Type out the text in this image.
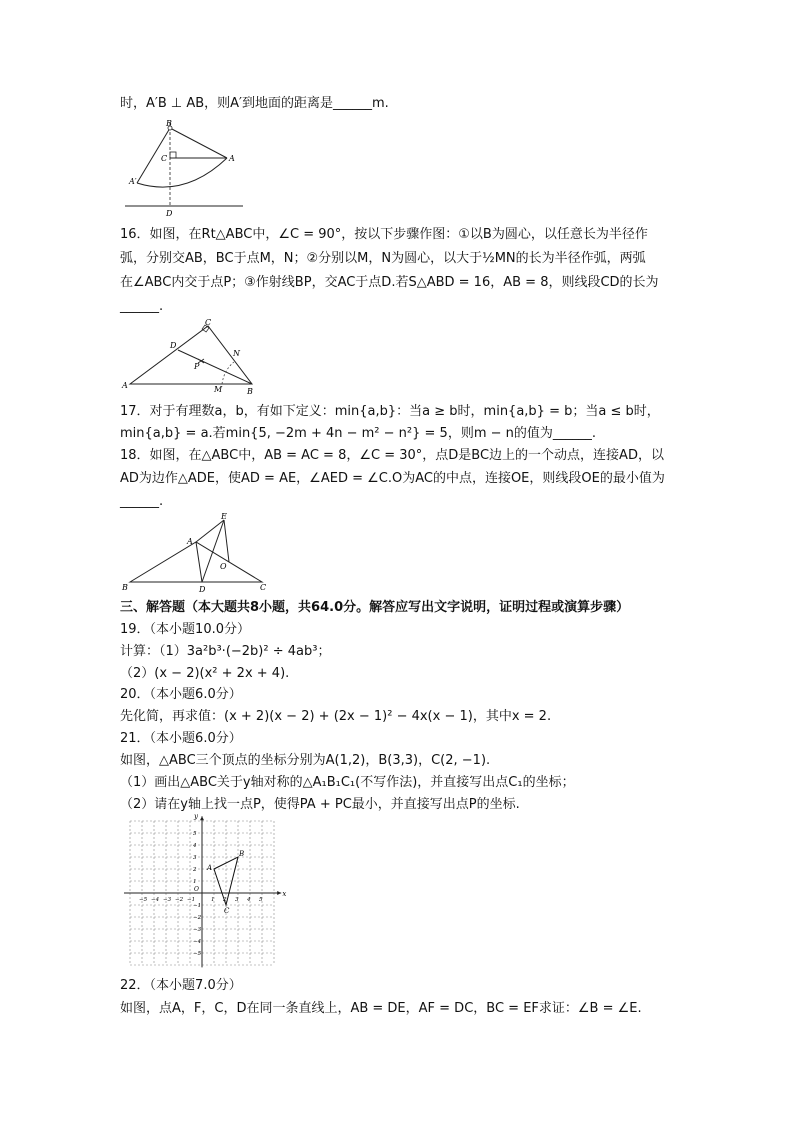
时，A′B ⊥ AB，则A′到地面的距离是______m.
B
C	A
A′
D
16．如图，在Rt△ABC中，∠C = 90°，按以下步骤作图：①以B为圆心，以任意长为半径作
弧，分别交AB，BC于点M，N；②分别以M，N为圆心，以大于½MN的长为半径作弧，两弧
在∠ABC内交于点P；③作射线BP，交AC于点D.若S△ABD = 16，AB = 8，则线段CD的长为
______.
C
D
N
P
A	M	B
17．对于有理数a，b，有如下定义：min{a,b}：当a ≥ b时，min{a,b} = b；当a ≤ b时，
min{a,b} = a.若min{5, −2m + 4n − m² − n²} = 5，则m − n的值为______.
18．如图，在△ABC中，AB = AC = 8，∠C = 30°，点D是BC边上的一个动点，连接AD，以
AD为边作△ADE，使AD = AE，∠AED = ∠C.O为AC的中点，连接OE，则线段OE的最小值为
______.
E
A
O
B	D	C
三、解答题（本大题共8小题，共64.0分。解答应写出文字说明，证明过程或演算步骤）
19．（本小题10.0分）
计算：（1）3a²b³·(−2b)² ÷ 4ab³；
（2）(x − 2)(x² + 2x + 4).
20．（本小题6.0分）
先化简，再求值：(x + 2)(x − 2) + (2x − 1)² − 4x(x − 1)，其中x = 2.
21．（本小题6.0分）
如图，△ABC三个顶点的坐标分别为A(1,2)，B(3,3)，C(2, −1).
（1）画出△ABC关于y轴对称的△A₁B₁C₁(不写作法)，并直接写出点C₁的坐标；
（2）请在y轴上找一点P，使得PA + PC最小，并直接写出点P的坐标.
x
y
O
−5 −4 −3 −2 −1	1 2 3 4 5
5
4
3
2
1
−1
−2
−3
−4
−5
A
B
C
22．（本小题7.0分）
如图，点A，F，C，D在同一条直线上，AB = DE，AF = DC，BC = EF求证：∠B = ∠E.
